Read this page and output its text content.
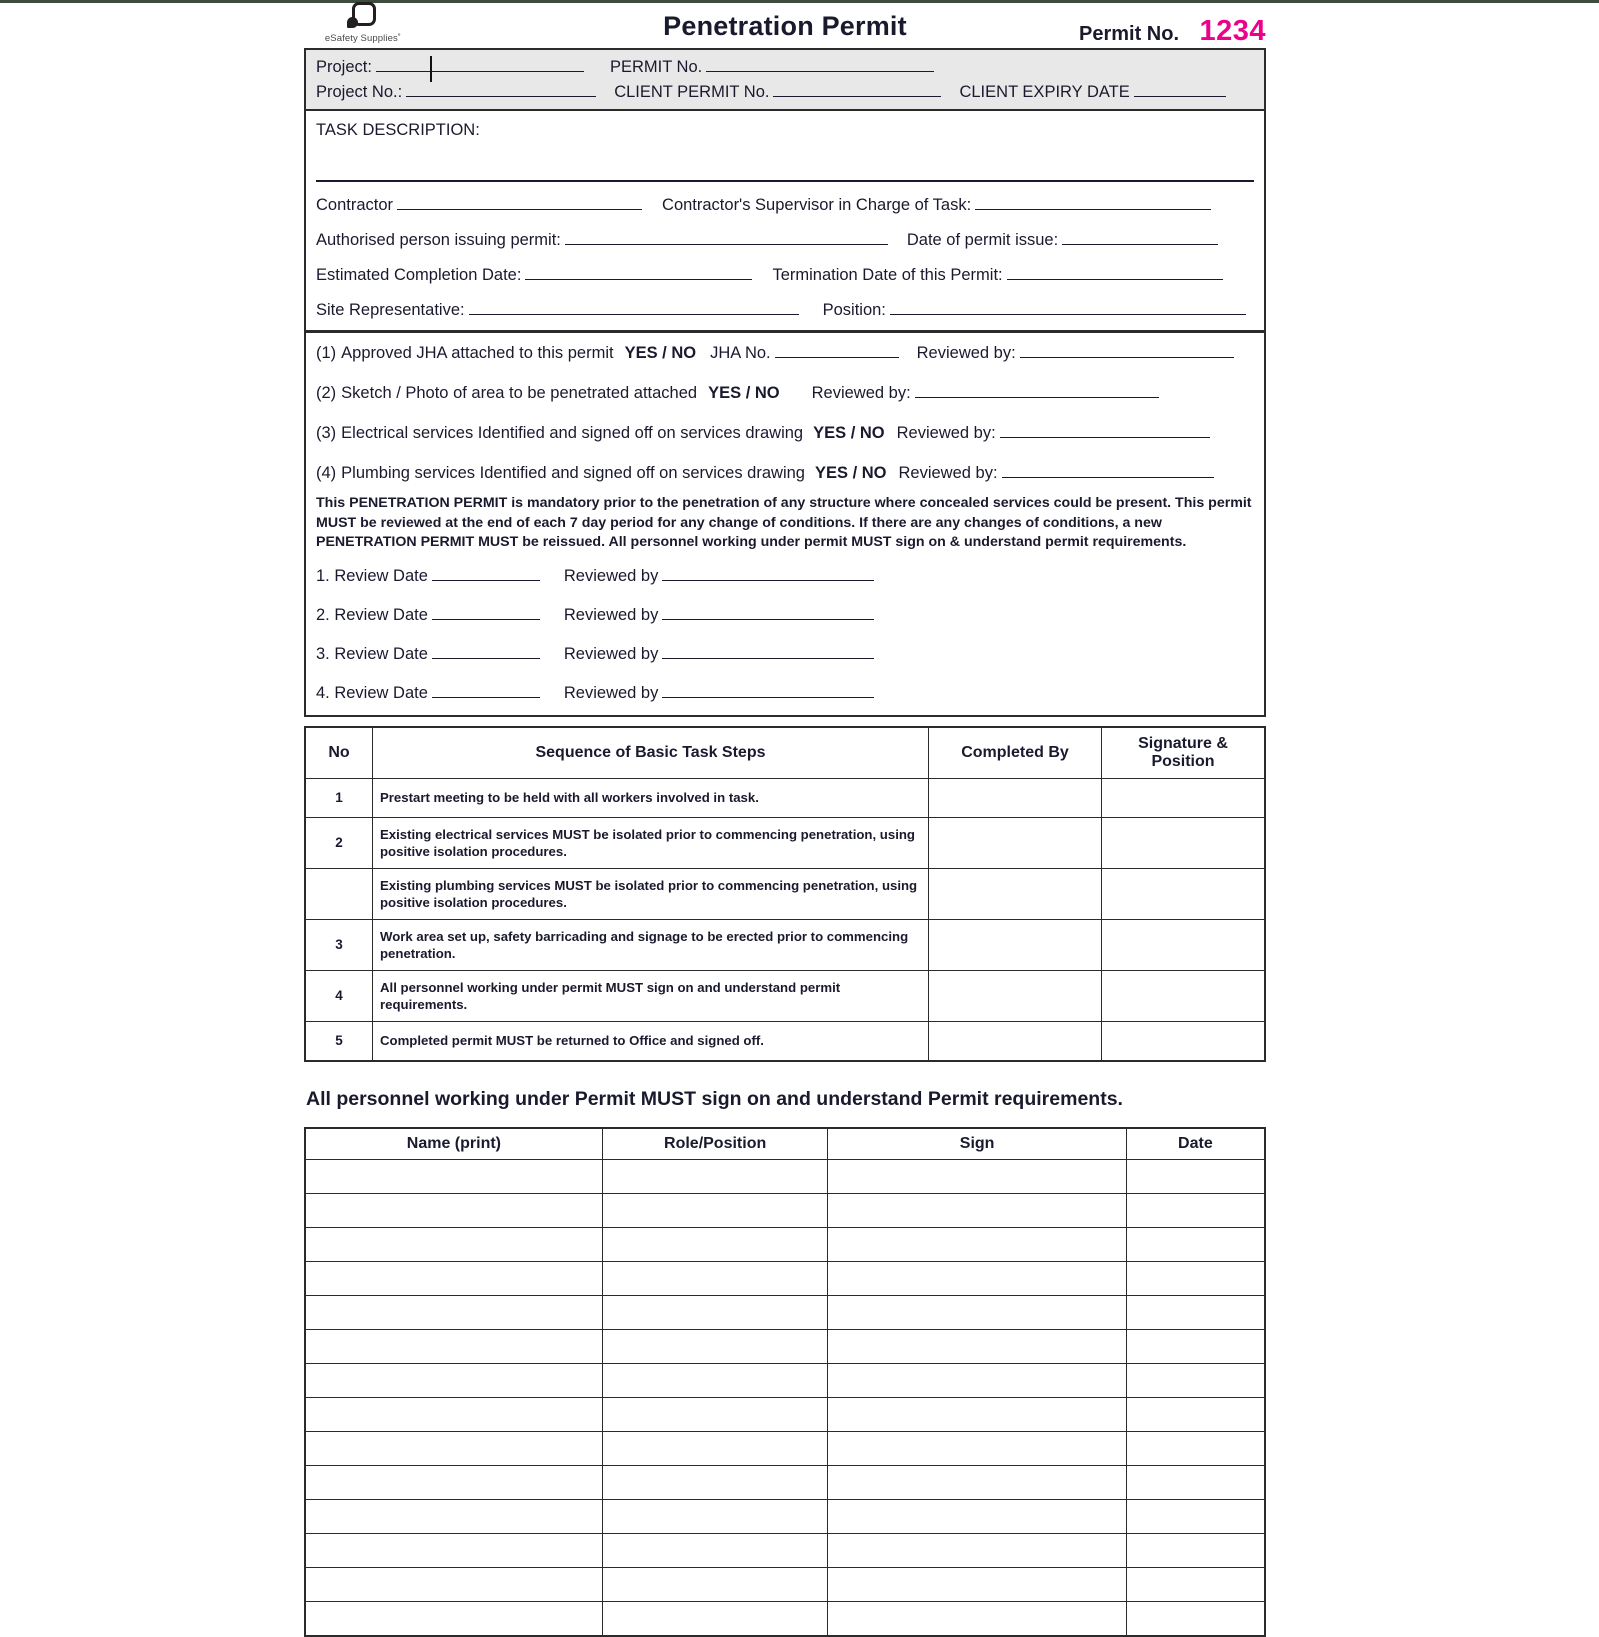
eSafety Supplies˚	Penetration Permit	Permit No. 1234
Project:	PERMIT No.
Project No.:	CLIENT PERMIT No.	CLIENT EXPIRY DATE
TASK DESCRIPTION:
Contractor	Contractor's Supervisor in Charge of Task:
Authorised person issuing permit:	Date of permit issue:
Estimated Completion Date:	Termination Date of this Permit:
Site Representative:	Position:
(1) Approved JHA attached to this permit YES / NO JHA No.	Reviewed by:
(2) Sketch / Photo of area to be penetrated attached YES / NO Reviewed by:
(3) Electrical services Identified and signed off on services drawing YES / NO Reviewed by:
(4) Plumbing services Identified and signed off on services drawing YES / NO Reviewed by:
This PENETRATION PERMIT is mandatory prior to the penetration of any structure where concealed services could be present. This permit MUST be reviewed at the end of each 7 day period for any change of conditions. If there are any changes of conditions, a new PENETRATION PERMIT MUST be reissued. All personnel working under permit MUST sign on & understand permit requirements.
1. Review Date	Reviewed by
2. Review Date	Reviewed by
3. Review Date	Reviewed by
4. Review Date	Reviewed by
No	Sequence of Basic Task Steps	Completed By	Signature & Position
1	Prestart meeting to be held with all workers involved in task.		
2	Existing electrical services MUST be isolated prior to commencing penetration, using positive isolation procedures.		
	Existing plumbing services MUST be isolated prior to commencing penetration, using positive isolation procedures.		
3	Work area set up, safety barricading and signage to be erected prior to commencing penetration.		
4	All personnel working under permit MUST sign on and understand permit requirements.		
5	Completed permit MUST be returned to Office and signed off.		
All personnel working under Permit MUST sign on and understand Permit requirements.
Name (print)	Role/Position	Sign	Date
